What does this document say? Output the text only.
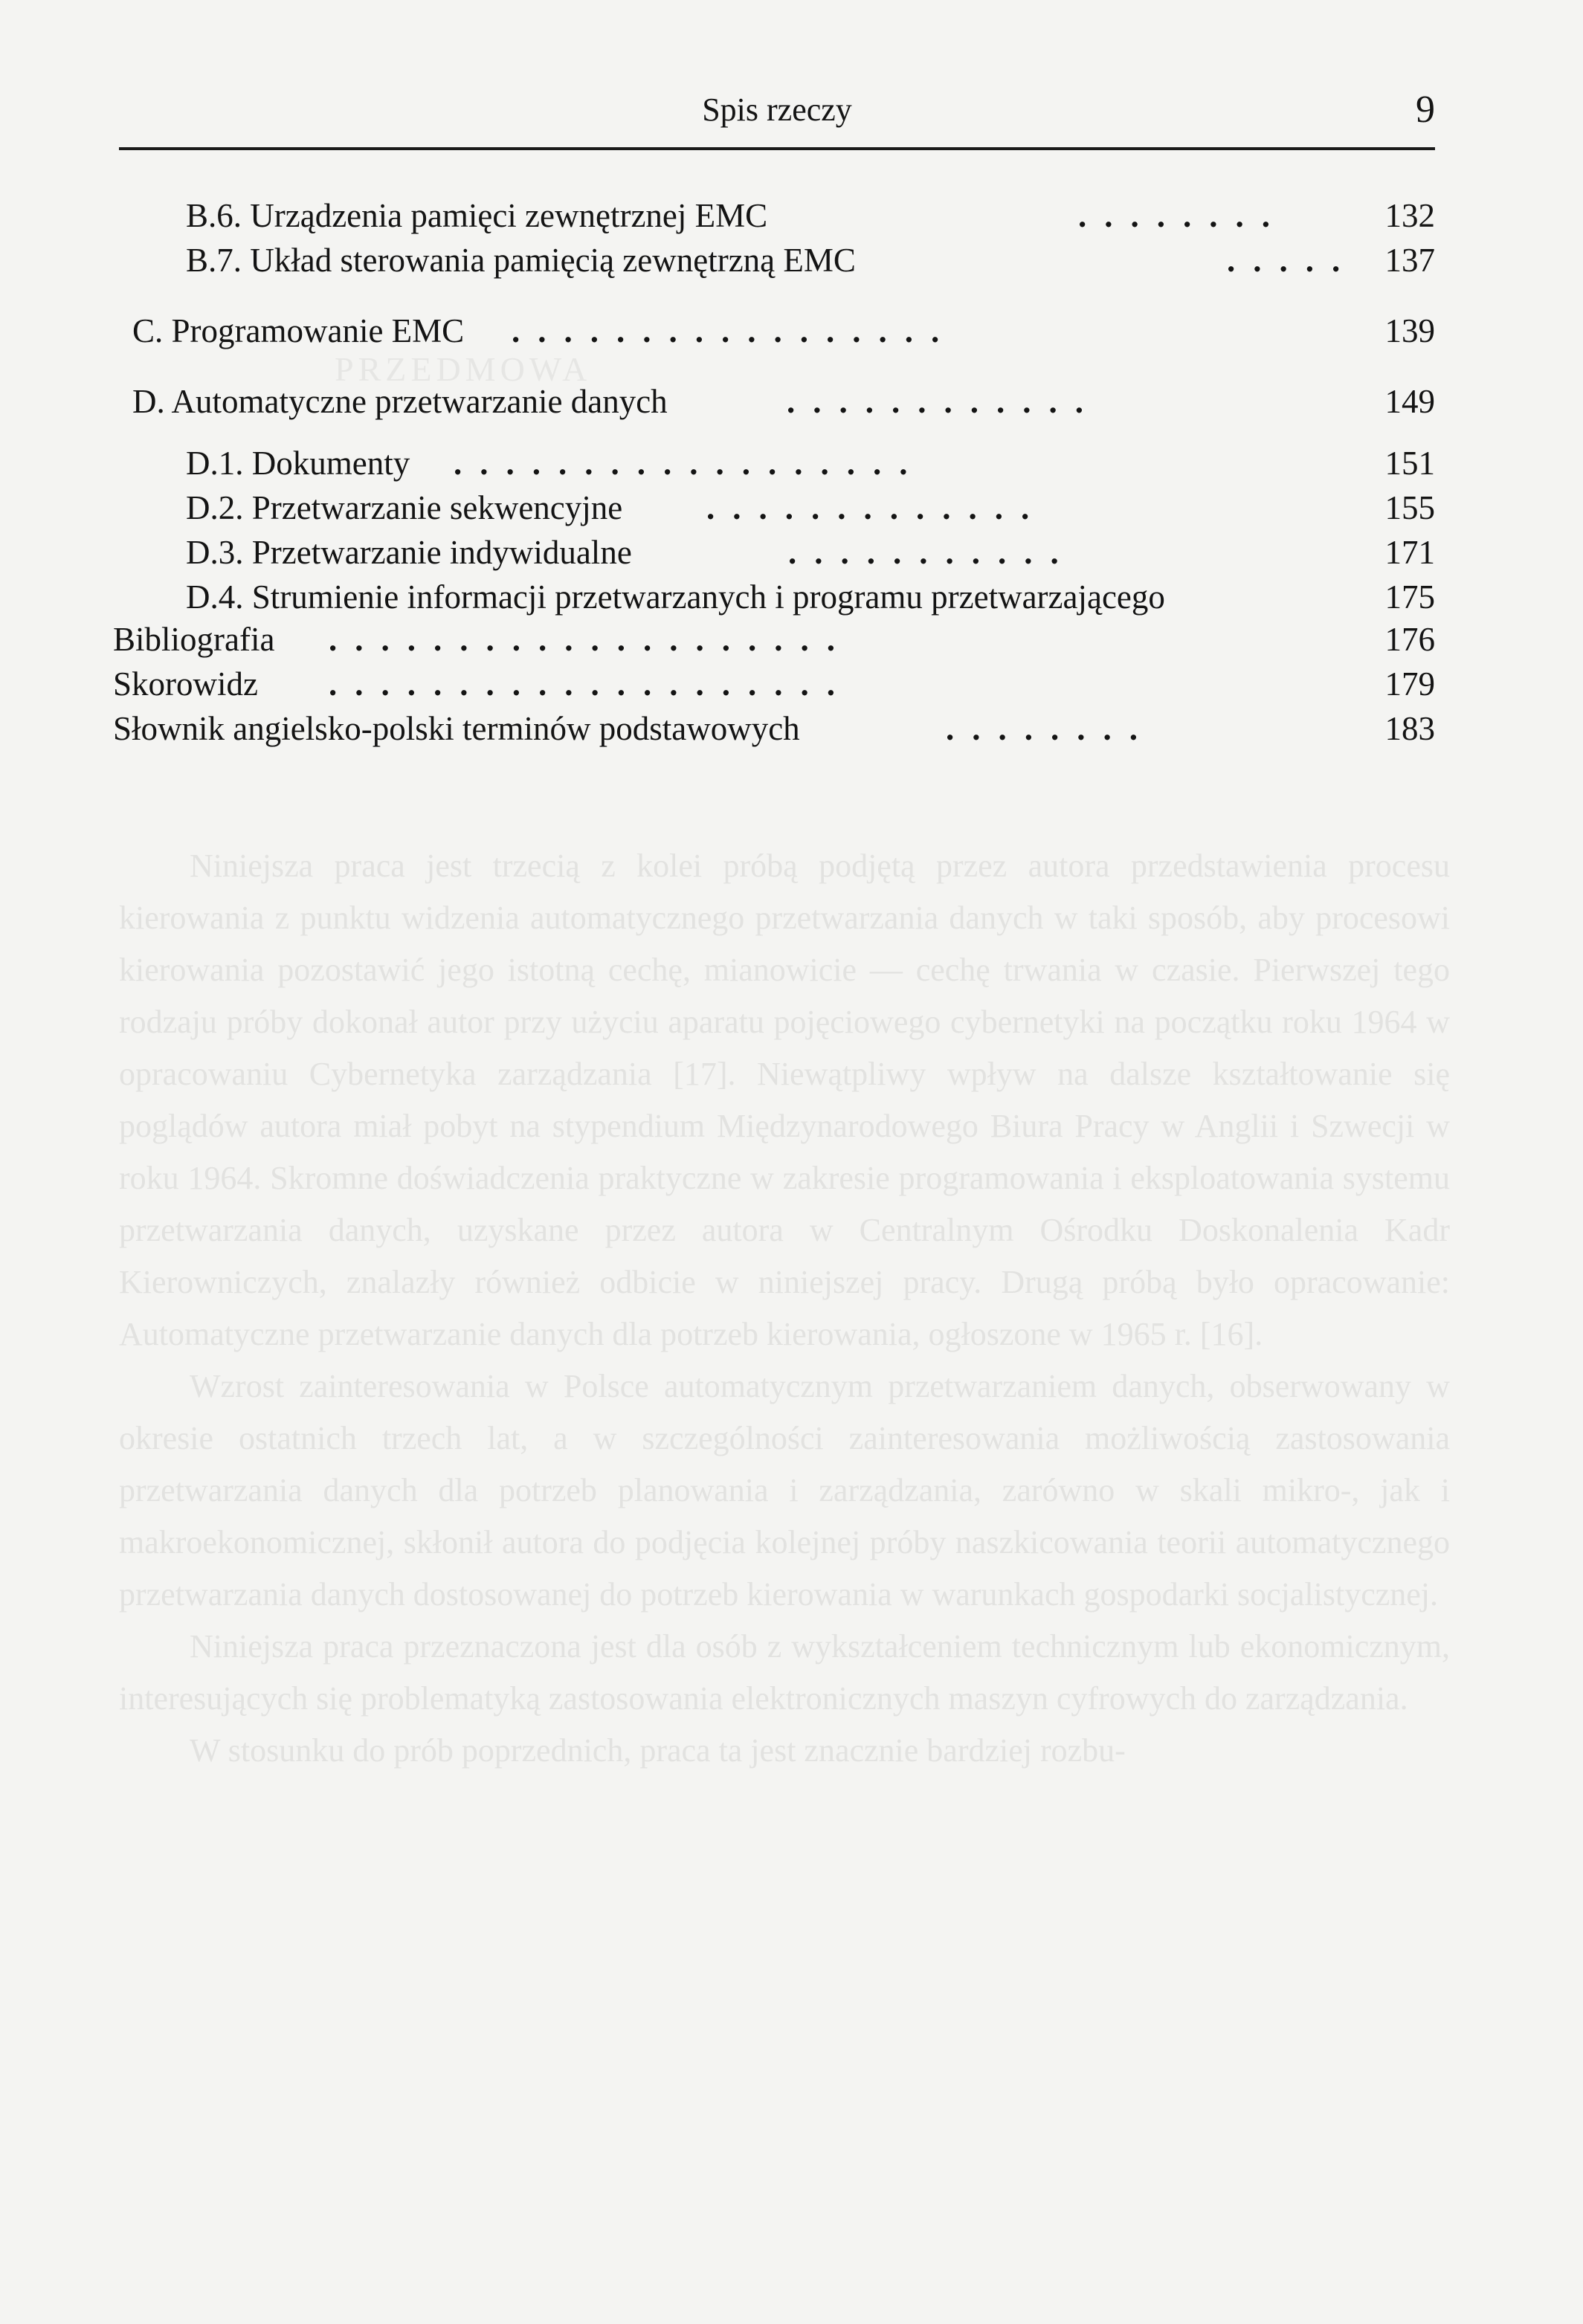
PRZEDMOWA

Niniejsza praca jest trzecią z kolei próbą podjętą przez autora przedstawienia procesu kierowania z punktu widzenia automatycznego przetwarzania danych w taki sposób, aby procesowi kierowania pozostawić jego istotną cechę, mianowicie — cechę trwania w czasie. Pierwszej tego rodzaju próby dokonał autor przy użyciu aparatu pojęciowego cybernetyki na początku roku 1964 w opracowaniu Cybernetyka zarządzania [17]. Niewątpliwy wpływ na dalsze kształtowanie się poglądów autora miał pobyt na stypendium Międzynarodowego Biura Pracy w Anglii i Szwecji w roku 1964. Skromne doświadczenia praktyczne w zakresie programowania i eksploatowania systemu przetwarzania danych, uzyskane przez autora w Centralnym Ośrodku Doskonalenia Kadr Kierowniczych, znalazły również odbicie w niniejszej pracy. Drugą próbą było opracowanie: Automatyczne przetwarzanie danych dla potrzeb kierowania, ogłoszone w 1965 r. [16].

Wzrost zainteresowania w Polsce automatycznym przetwarzaniem danych, obserwowany w okresie ostatnich trzech lat, a w szczególności zainteresowania możliwością zastosowania przetwarzania danych dla potrzeb planowania i zarządzania, zarówno w skali mikro-, jak i makroekonomicznej, skłonił autora do podjęcia kolejnej próby naszkicowania teorii automatycznego przetwarzania danych dostosowanej do potrzeb kierowania w warunkach gospodarki socjalistycznej.

Niniejsza praca przeznaczona jest dla osób z wykształceniem technicznym lub ekonomicznym, interesujących się problematyką zastosowania elektronicznych maszyn cyfrowych do zarządzania.

W stosunku do prób poprzednich, praca ta jest znacznie bardziej rozbu-

Spis rzeczy	9
B.6. Urządzenia pamięci zewnętrznej EMC	........	132
B.7. Układ sterowania pamięcią zewnętrzną EMC	..... 137
C. Programowanie EMC .................	139
D. Automatyczne przetwarzanie danych	............	149
D.1. Dokumenty ..................	151
D.2. Przetwarzanie sekwencyjne	.............	155
D.3. Przetwarzanie indywidualne	...........	171
D.4. Strumienie informacji przetwarzanych i programu przetwarzającego	175
Bibliografia ....................	176
Skorowidz ....................	179
Słownik angielsko-polski terminów podstawowych	........	183
